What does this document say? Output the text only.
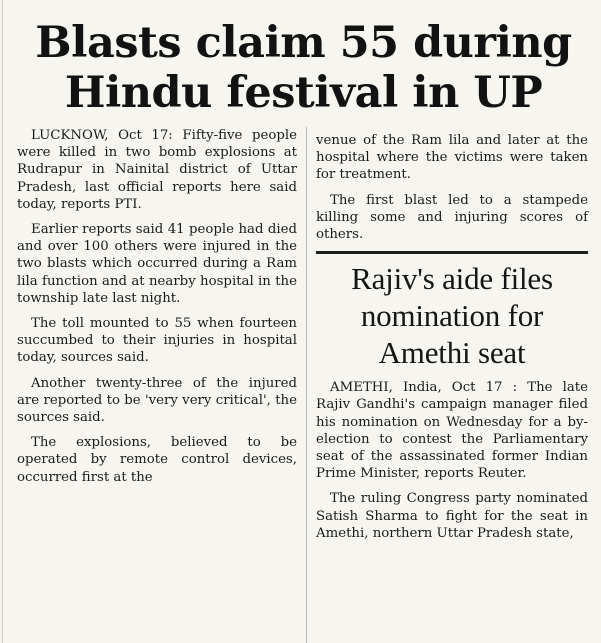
Blasts claim 55 during
Hindu festival in UP

LUCKNOW, Oct 17: Fifty-five people were killed in two bomb explosions at Rudrapur in Nainital district of Uttar Pradesh, last official reports here said today, reports PTI.

Earlier reports said 41 people had died and over 100 others were injured in the two blasts which occurred during a Ram lila function and at nearby hospital in the township late last night.

The toll mounted to 55 when fourteen succumbed to their injuries in hospital today, sources said.

Another twenty-three of the injured are reported to be 'very very critical', the sources said.

The explosions, believed to be operated by remote control devices, occurred first at the

venue of the Ram lila and later at the hospital where the victims were taken for treatment.

The first blast led to a stampede killing some and injuring scores of others.

Rajiv's aide files
nomination for
Amethi seat

AMETHI, India, Oct 17 : The late Rajiv Gandhi's campaign manager filed his nomination on Wednesday for a by-election to contest the Parliamentary seat of the assassinated former Indian Prime Minister, reports Reuter.

The ruling Congress party nominated Satish Sharma to fight for the seat in Amethi, northern Uttar Pradesh state,
